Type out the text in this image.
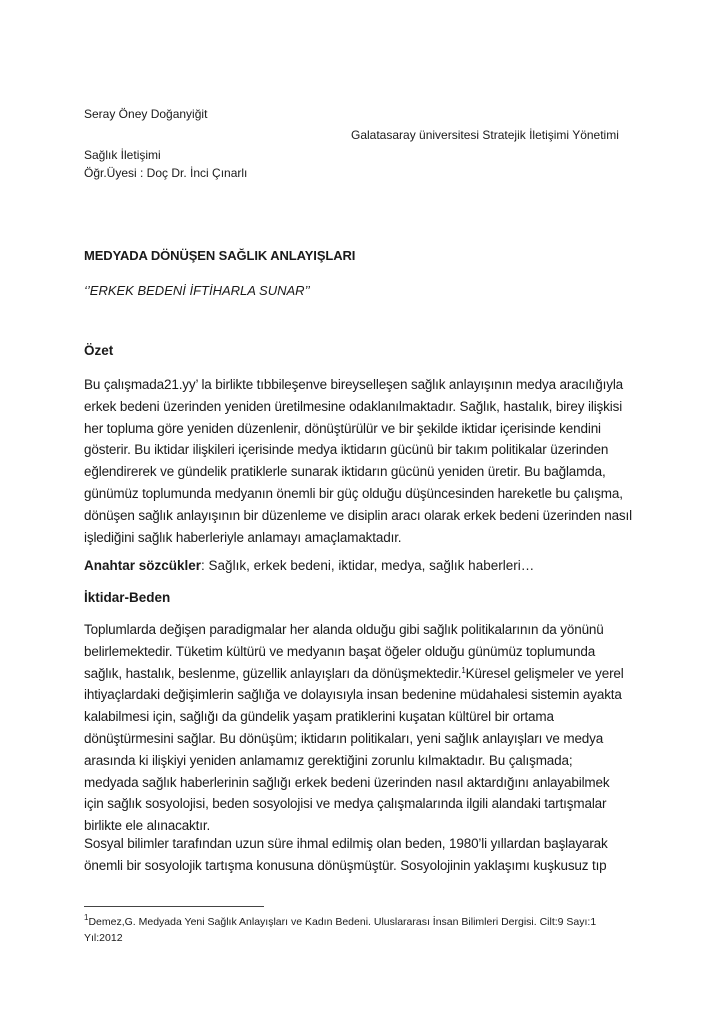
Seray Öney Doğanyiğit
Galatasaray üniversitesi Stratejik İletişimi Yönetimi
Sağlık İletişimi
Öğr.Üyesi : Doç Dr. İnci Çınarlı
MEDYADA DÖNÜŞEN SAĞLIK ANLAYIŞLARI
‘’ERKEK BEDENİ İFTİHARLA SUNAR’’
Özet

Bu çalışmada21.yy’ la birlikte tıbbileşenve bireyselleşen sağlık anlayışının medya aracılığıyla

erkek bedeni üzerinden yeniden üretilmesine odaklanılmaktadır. Sağlık, hastalık, birey ilişkisi

her topluma göre yeniden düzenlenir, dönüştürülür ve bir şekilde iktidar içerisinde kendini

gösterir. Bu iktidar ilişkileri içerisinde medya iktidarın gücünü bir takım politikalar üzerinden

eğlendirerek ve gündelik pratiklerle sunarak iktidarın gücünü yeniden üretir. Bu bağlamda,

günümüz toplumunda medyanın önemli bir güç olduğu düşüncesinden hareketle bu çalışma,

dönüşen sağlık anlayışının bir düzenleme ve disiplin aracı olarak erkek bedeni üzerinden nasıl

işlediğini sağlık haberleriyle anlamayı amaçlamaktadır.

Anahtar sözcükler: Sağlık, erkek bedeni, iktidar, medya, sağlık haberleri…
İktidar-Beden

Toplumlarda değişen paradigmalar her alanda olduğu gibi sağlık politikalarının da yönünü

belirlemektedir. Tüketim kültürü ve medyanın başat öğeler olduğu günümüz toplumunda

sağlık, hastalık, beslenme, güzellik anlayışları da dönüşmektedir.$^1$Küresel gelişmeler ve yerel

ihtiyaçlardaki değişimlerin sağlığa ve dolayısıyla insan bedenine müdahalesi sistemin ayakta

kalabilmesi için, sağlığı da gündelik yaşam pratiklerini kuşatan kültürel bir ortama

dönüştürmesini sağlar. Bu dönüşüm; iktidarın politikaları, yeni sağlık anlayışları ve medya

arasında ki ilişkiyi yeniden anlamamız gerektiğini zorunlu kılmaktadır. Bu çalışmada;

medyada sağlık haberlerinin sağlığı erkek bedeni üzerinden nasıl aktardığını anlayabilmek

için sağlık sosyolojisi, beden sosyolojisi ve medya çalışmalarında ilgili alandaki tartışmalar

birlikte ele alınacaktır.

Sosyal bilimler tarafından uzun süre ihmal edilmiş olan beden, 1980’li yıllardan başlayarak

önemli bir sosyolojik tartışma konusuna dönüşmüştür. Sosyolojinin yaklaşımı kuşkusuz tıp

$^1$Demez,G. Medyada Yeni Sağlık Anlayışları ve Kadın Bedeni. Uluslararası İnsan Bilimleri Dergisi. Cilt:9 Sayı:1
Yıl:2012
